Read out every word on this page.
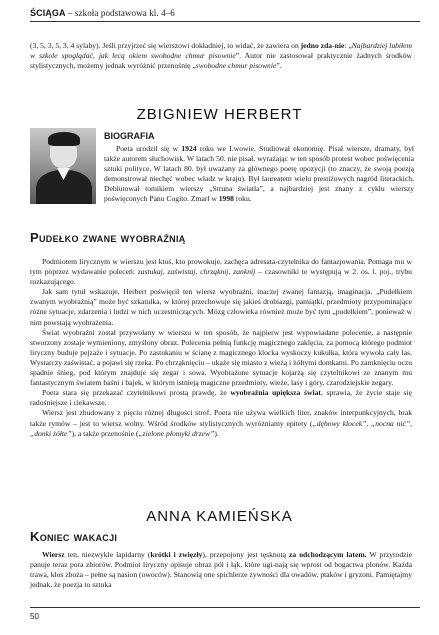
ŚCIĄGA – szkoła podstawowa kl. 4–6

(3, 5, 3, 5, 3, 4 sylaby). Jeśli przyjrzeć się wierszowi dokładniej, to widać, że zawiera on jedno zda-nie: „Najbardziej lubiłem w szkole spoglądać, jak lecą okiem swobodne chmur pisownie”. Autor nie zastosował praktycznie żadnych środków stylistycznych, możemy jednak wyróżnić przenośnię „swobodne chmur pisownie”.

ZBIGNIEW HERBERT
BIOGRAFIA

Poeta urodził się w 1924 roku we Lwowie. Studiował ekonomię. Pisał wiersze, dramaty, był także autorem słuchowisk. W latach 50. nie pisał, wyrażając w ten sposób protest wobec poświęcenia sztuki polityce. W latach 80. był uważany za głównego poetę opozycji (to znaczy, że swoją poezją demonstrował niechęć wobec władz w kraju). Był laureatem wielu prestiżowych nagród literackich. Debiutował tomikiem wierszy „Struna światła”, a najbardziej jest znany z cyklu wierszy poświęconych Panu Cogito. Zmarł w 1998 roku.

Pudełko zwane wyobraźnią

Podmiotem lirycznym w wierszu jest ktoś, kto prowokuje, zachęca adresata-czytelnika do fantazjowania. Pomaga mu w tym poprzez wydawanie poleceń: zastukaj, zaświstaj, chrząknij, zanknij – czasowniki te występują w 2. os. l. poj., trybu rozkazującego.

Jak sam tytuł wskazuje, Herbert poświęcił ten wiersz wyobraźni, inaczej zwanej fantazją, imaginacja. „Pudełkiem zwanym wyobraźnią” może być szkatułka, w której przechowuje się jakieś drobiazgi, pamiątki, przedmioty przypominające różne sytuacje, zdarzenia i ludzi w nich uczestniczących. Mózg człowieka również może być tym „pudełkiem”, ponieważ w nim powstają wyobrażenia.

Świat wyobraźni został przywołany w wierszu w ten sposób, że najpierw jest wypowiadane polecenie, a następnie stworzony zostaje wymieniony, zmyślony obraz. Polecenia pełnią funkcję magicznego zaklęcia, za pomocą którego podmiot liryczny buduje pejzaże i sytuacje. Po zastukaniu w ścianę z magicznego klocka wyskoczy kukułka, która wywoła cały las. Wystarczy zaświstać, a pojawi się rzeka. Po chrząknięciu – ukaże się miasto z wieżą i żółtymi domkami. Po zamknięciu oczu spadnie śnieg, pod którym znajduje się zegar i sowa. Wyobrażone sytuacje kojarzą się czytelnikowi ze znanym mu fantastycznym światem baśni i bajek, w którym istnieją magiczne przedmioty, wieże, lasy i góry, czarodziejskie zegary.

Poeta stara się przekazać czytelnikowi prostą prawdę, że wyobraźnia upiększa świat, sprawia, że życie staje się radośniejsze i ciekawsze.

Wiersz jest zbudowany z pięciu różnej długości strof. Poeta nie używa wielkich liter, znaków interpunkcyjnych, brak także rymów – jest to wiersz wolny. Wśród środków stylistycznych wyróżniamy epitety („dębowy klocek”, „nocna nić”, „donki żółte”), a także przenośnie („zielone płomyki drzew”).

ANNA KAMIEŃSKA
Koniec wakacji

Wiersz ten, niezwykle lapidarny (krótki i zwięzły), przepojony jest tęsknotą za odchodzącym latem. W przyrodzie panuje teraz pora zbiorów. Podmiot liryczny opisuje obraz pól i łąk, które ugi-nają się wprost od bogactwa plonów. Każda trawa, kłos zboża – pełne są nasion (owoców). Stanowią one spichlerze żywności dla owadów, ptaków i gryzoni. Pamiętajmy jednak, że poezja to sztuka

50
